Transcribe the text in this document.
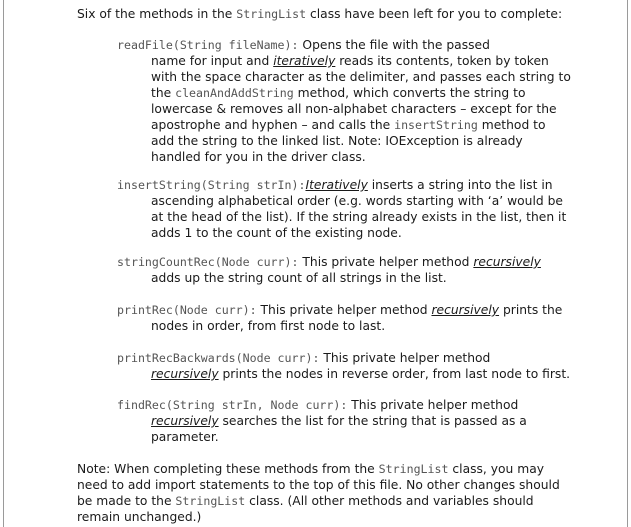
Six of the methods in the StringList class have been left for you to complete:
readFile(String fileName): Opens the file with the passed
name for input and iteratively reads its contents, token by token
with the space character as the delimiter, and passes each string to
the cleanAndAddString method, which converts the string to
lowercase & removes all non-alphabet characters – except for the
apostrophe and hyphen – and calls the insertString method to
add the string to the linked list. Note: IOException is already
handled for you in the driver class.
insertString(String strIn):Iteratively inserts a string into the list in
ascending alphabetical order (e.g. words starting with ‘a’ would be
at the head of the list). If the string already exists in the list, then it
adds 1 to the count of the existing node.
stringCountRec(Node curr): This private helper method recursively
adds up the string count of all strings in the list.
printRec(Node curr): This private helper method recursively prints the
nodes in order, from first node to last.
printRecBackwards(Node curr): This private helper method
recursively prints the nodes in reverse order, from last node to first.
findRec(String strIn, Node curr): This private helper method
recursively searches the list for the string that is passed as a
parameter.
Note: When completing these methods from the StringList class, you may
need to add import statements to the top of this file. No other changes should
be made to the StringList class. (All other methods and variables should
remain unchanged.)
